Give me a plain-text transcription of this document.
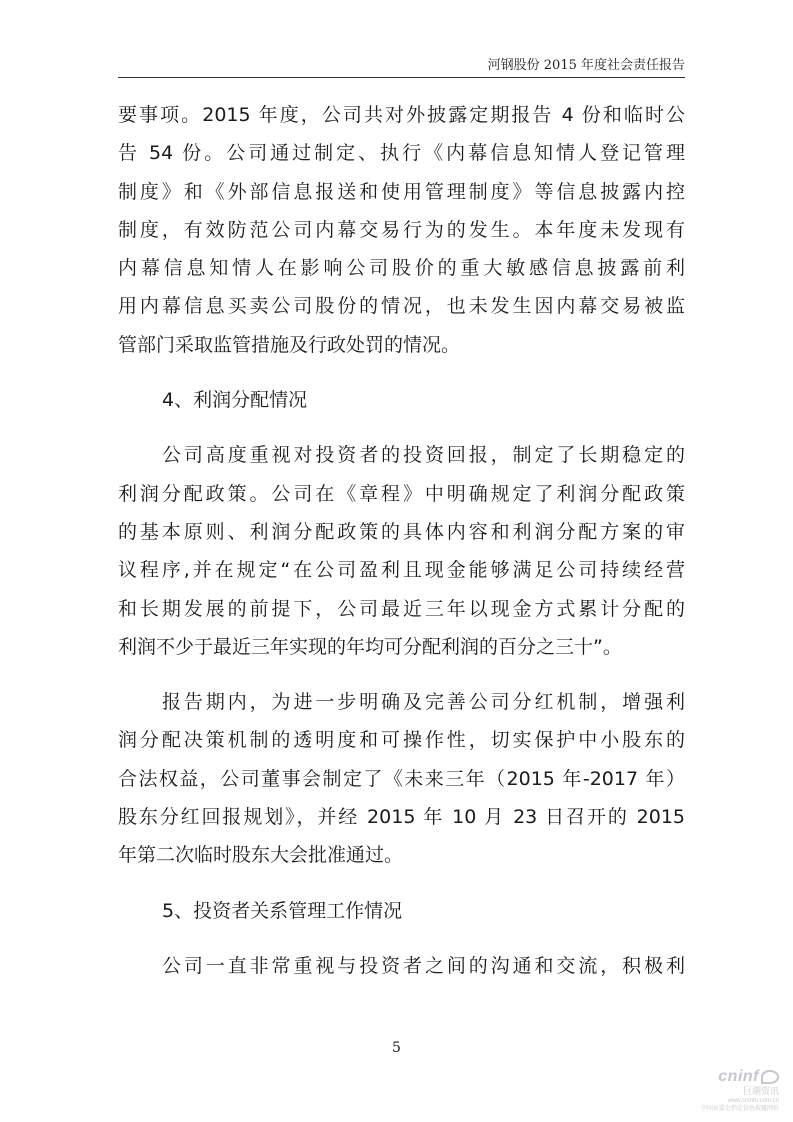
河钢股份 2015 年度社会责任报告
要事项。2015 年度，公司共对外披露定期报告 4 份和临时公
告 54 份。公司通过制定、执行《内幕信息知情人登记管理
制度》和《外部信息报送和使用管理制度》等信息披露内控
制度，有效防范公司内幕交易行为的发生。本年度未发现有
内幕信息知情人在影响公司股价的重大敏感信息披露前利
用内幕信息买卖公司股份的情况，也未发生因内幕交易被监
管部门采取监管措施及行政处罚的情况。
4、利润分配情况
公司高度重视对投资者的投资回报，制定了长期稳定的
利润分配政策。公司在《章程》中明确规定了利润分配政策
的基本原则、利润分配政策的具体内容和利润分配方案的审
议程序,并在规定“在公司盈利且现金能够满足公司持续经营
和长期发展的前提下，公司最近三年以现金方式累计分配的
利润不少于最近三年实现的年均可分配利润的百分之三十”。
报告期内，为进一步明确及完善公司分红机制，增强利
润分配决策机制的透明度和可操作性，切实保护中小股东的
合法权益，公司董事会制定了《未来三年（2015 年-2017 年）
股东分红回报规划》，并经 2015 年 10 月 23 日召开的 2015
年第二次临时股东大会批准通过。
5、投资者关系管理工作情况
公司一直非常重视与投资者之间的沟通和交流，积极利
5
cninf
巨潮资讯
www.cninfo.com.cn
中国证监会指定信息披露网站
